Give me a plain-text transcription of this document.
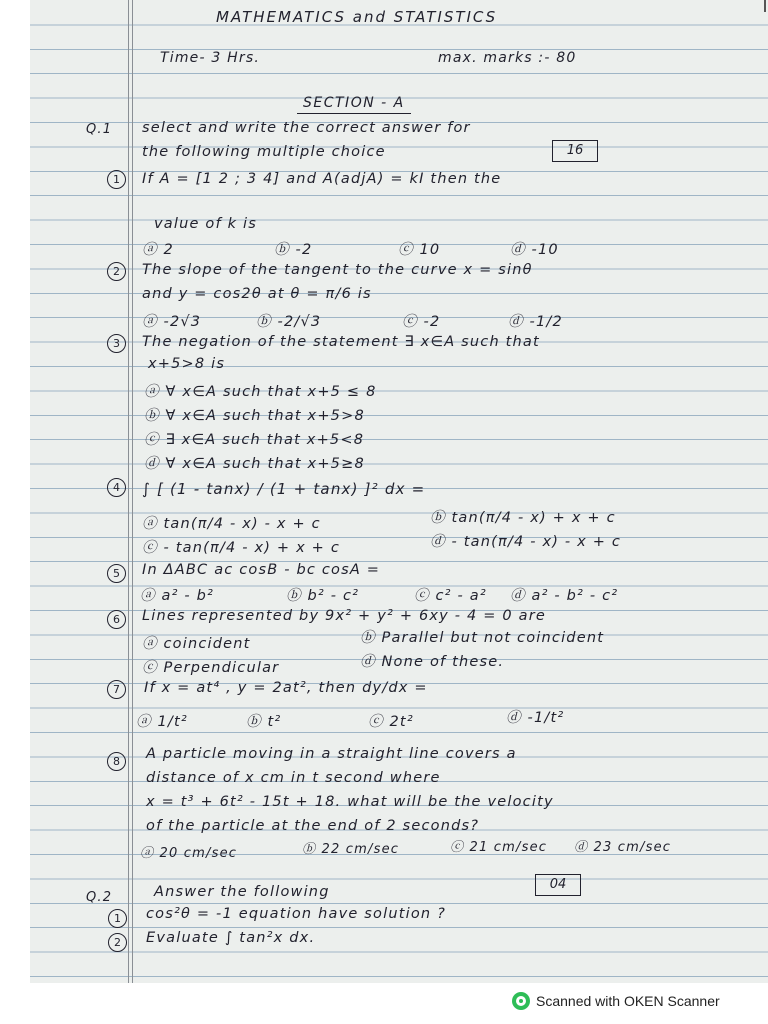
MATHEMATICS and STATISTICS
Time- 3 Hrs.	max. marks :- 80
SECTION - A
Q.1 select and write the correct answer for
the following multiple choice	16
1	If A = [1 2 ; 3 4] and A(adjA) = kI then the
value of k is
ⓐ 2	ⓑ -2	ⓒ 10	ⓓ -10
2	The slope of the tangent to the curve x = sinθ
and y = cos2θ at θ = π/6 is
ⓐ -2√3	ⓑ -2/√3	ⓒ -2	ⓓ -1/2
3	The negation of the statement ∃ x∈A such that
x+5>8 is
ⓐ ∀ x∈A such that x+5 ≤ 8
ⓑ ∀ x∈A such that x+5>8
ⓒ ∃ x∈A such that x+5<8
ⓓ ∀ x∈A such that x+5≥8
4	∫ [ (1 - tanx) / (1 + tanx) ]² dx =
ⓐ tan(π/4 - x) - x + c	ⓑ tan(π/4 - x) + x + c
ⓒ - tan(π/4 - x) + x + c	ⓓ - tan(π/4 - x) - x + c
5	In ΔABC ac cosB - bc cosA =
ⓐ a² - b²	ⓑ b² - c²	ⓒ c² - a² ⓓ a² - b² - c²
6	Lines represented by 9x² + y² + 6xy - 4 = 0 are
ⓐ coincident	ⓑ Parallel but not coincident
ⓒ Perpendicular	ⓓ None of these.
7	If x = at⁴ , y = 2at², then dy/dx =
ⓐ 1/t²	ⓑ t²	ⓒ 2t²	ⓓ -1/t²
8	A particle moving in a straight line covers a
distance of x cm in t second where
x = t³ + 6t² - 15t + 18. what will be the velocity
of the particle at the end of 2 seconds?
ⓐ 20 cm/sec	ⓑ 22 cm/sec	ⓒ 21 cm/sec ⓓ 23 cm/sec
Q.2	Answer the following	04
1	cos²θ = -1 equation have solution ?
2	Evaluate ∫ tan²x dx.
Scanned with OKEN Scanner
